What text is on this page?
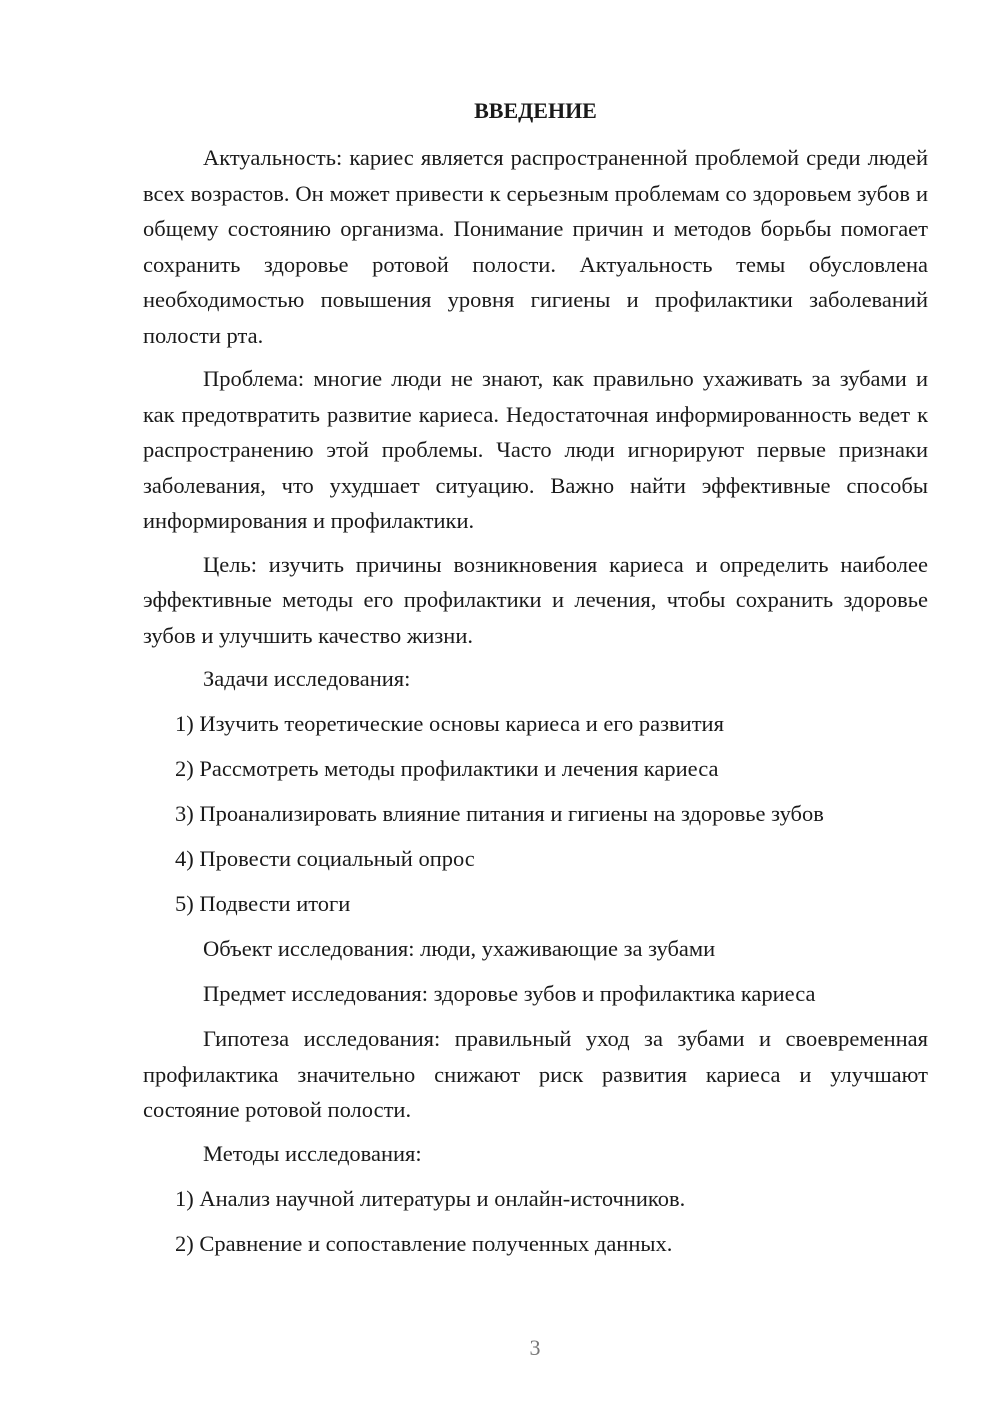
ВВЕДЕНИЕ

Актуальность: кариес является распространенной проблемой среди людей всех возрастов. Он может привести к серьезным проблемам со здоровьем зубов и общему состоянию организма. Понимание причин и методов борьбы помогает сохранить здоровье ротовой полости. Актуальность темы обусловлена необходимостью повышения уровня гигиены и профилактики заболеваний полости рта.

Проблема: многие люди не знают, как правильно ухаживать за зубами и как предотвратить развитие кариеса. Недостаточная информированность ведет к распространению этой проблемы. Часто люди игнорируют первые признаки заболевания, что ухудшает ситуацию. Важно найти эффективные способы информирования и профилактики.

Цель: изучить причины возникновения кариеса и определить наиболее эффективные методы его профилактики и лечения, чтобы сохранить здоровье зубов и улучшить качество жизни.

Задачи исследования:
1) Изучить теоретические основы кариеса и его развития
2) Рассмотреть методы профилактики и лечения кариеса
3) Проанализировать влияние питания и гигиены на здоровье зубов
4) Провести социальный опрос
5) Подвести итоги
Объект исследования: люди, ухаживающие за зубами
Предмет исследования: здоровье зубов и профилактика кариеса

Гипотеза исследования: правильный уход за зубами и своевременная профилактика значительно снижают риск развития кариеса и улучшают состояние ротовой полости.

Методы исследования:
1) Анализ научной литературы и онлайн-источников.
2) Сравнение и сопоставление полученных данных.
3
